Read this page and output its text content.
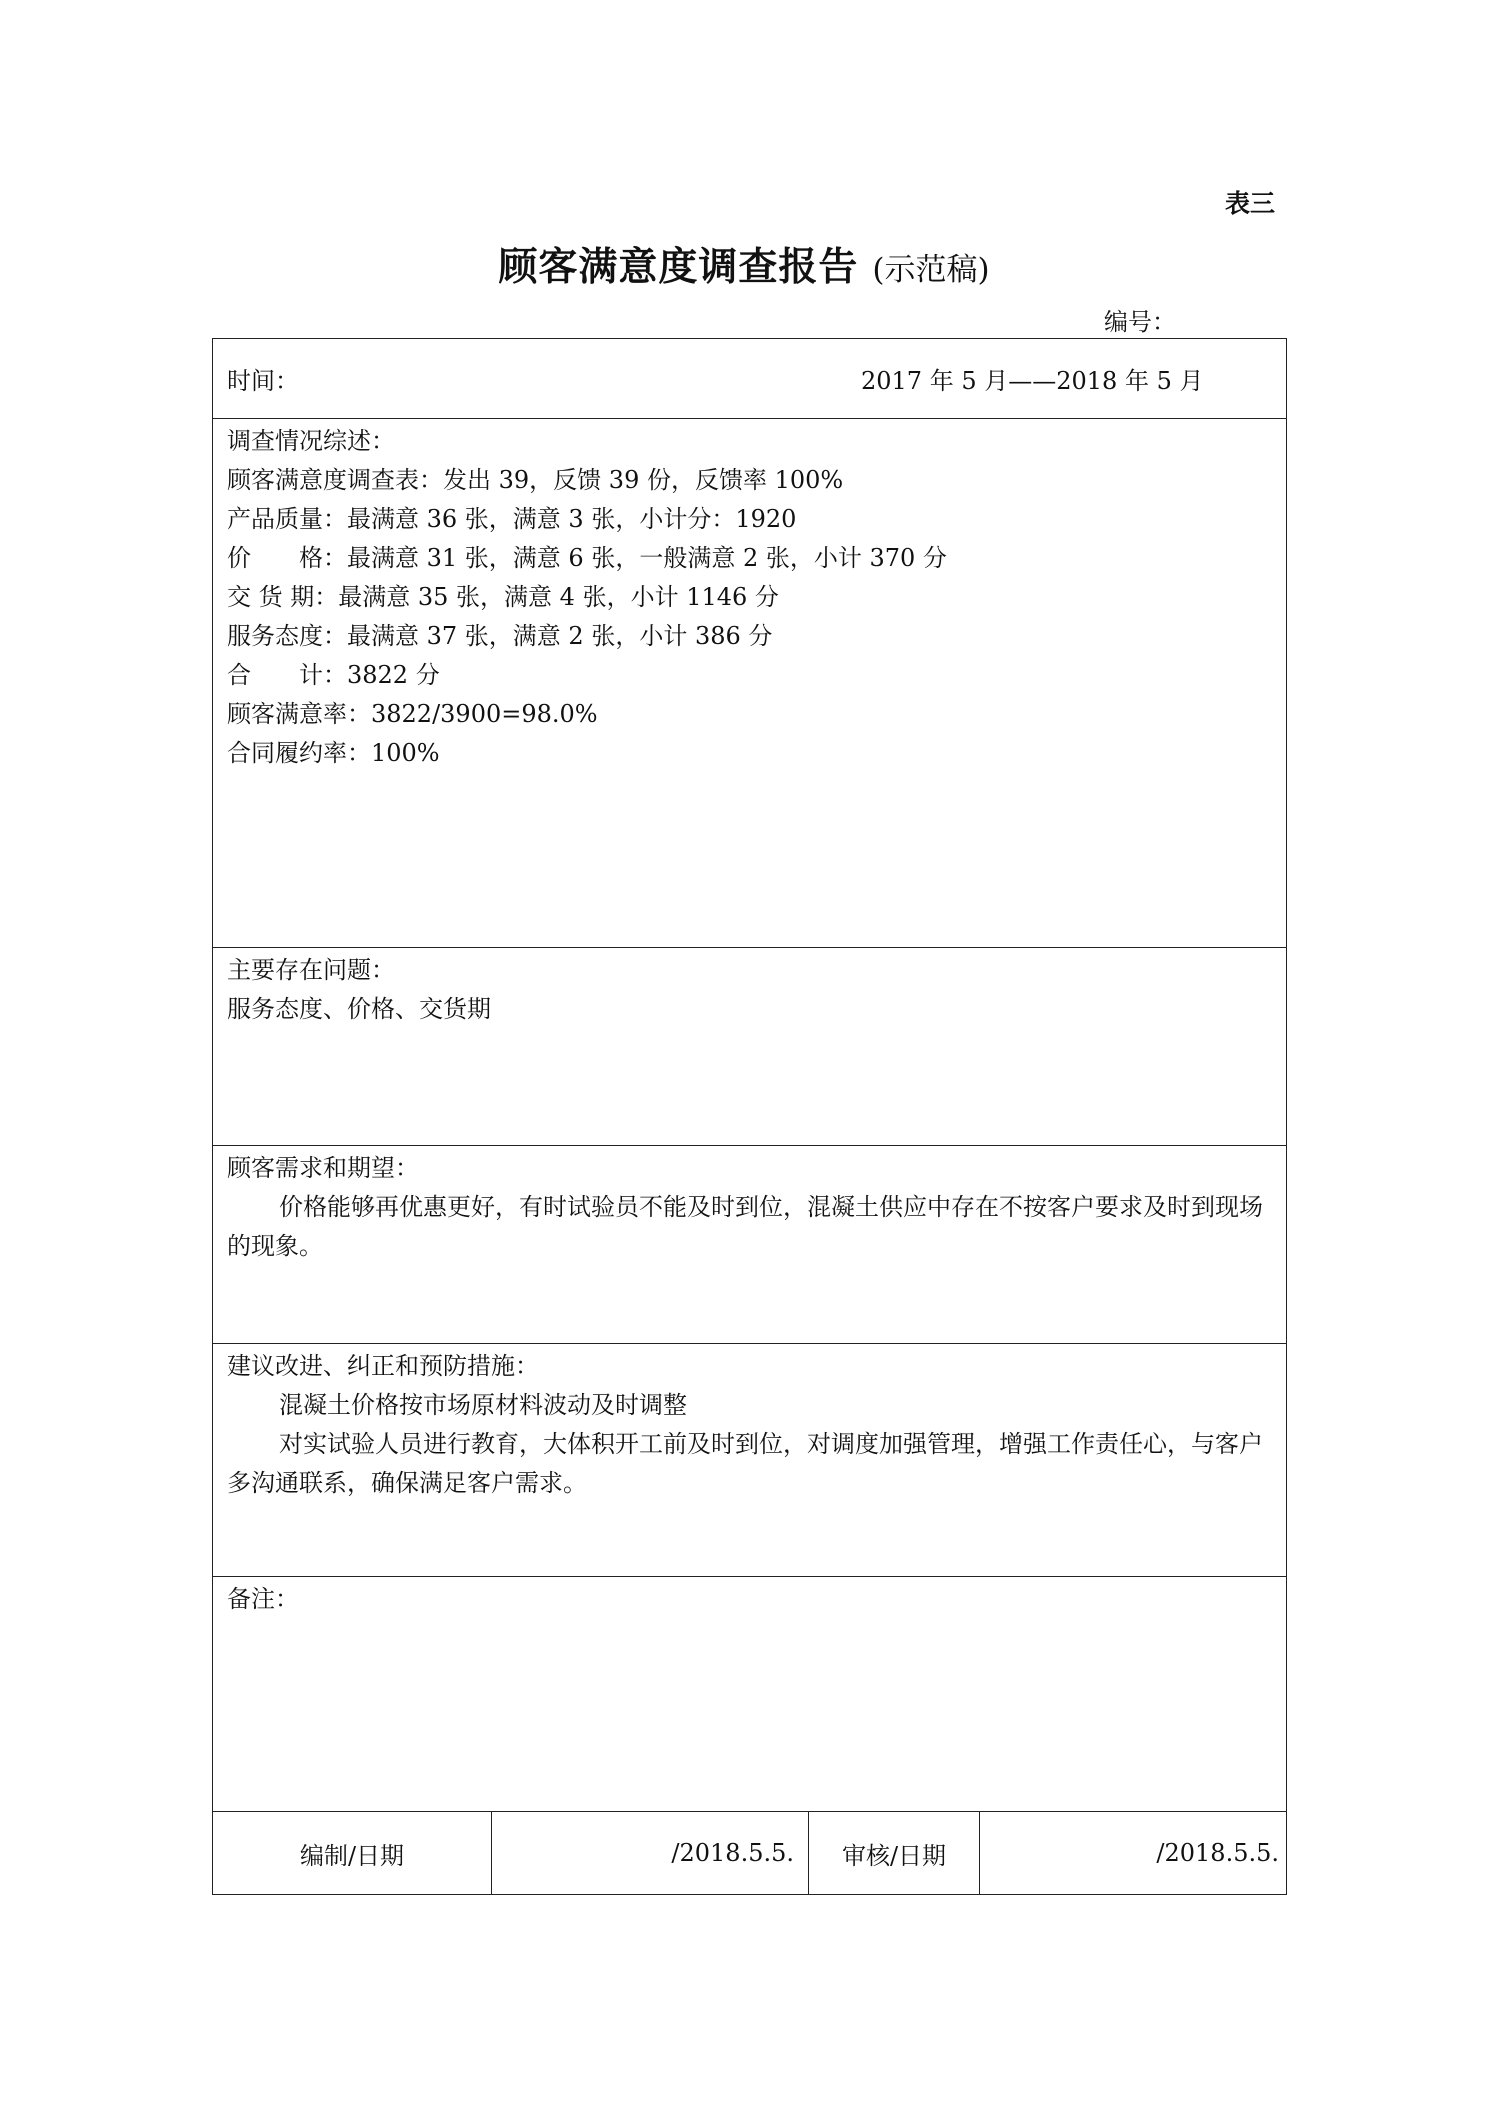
表三
顾客满意度调查报告 (示范稿)
编号：
时间：	2017 年 5 月——2018 年 5 月
调查情况综述：
顾客满意度调查表：发出 39，反馈 39 份，反馈率 100%
产品质量：最满意 36 张，满意 3 张，小计分：1920
价　　格：最满意 31 张，满意 6 张，一般满意 2 张，小计 370 分
交 货 期：最满意 35 张，满意 4 张，小计 1146 分
服务态度：最满意 37 张，满意 2 张，小计 386 分
合　　计：3822 分
顾客满意率：3822/3900=98.0%
合同履约率：100%
主要存在问题：
服务态度、价格、交货期
顾客需求和期望：
价格能够再优惠更好，有时试验员不能及时到位，混凝土供应中存在不按客户要求及时到现场的现象。
建议改进、纠正和预防措施：
混凝土价格按市场原材料波动及时调整
对实试验人员进行教育，大体积开工前及时到位，对调度加强管理，增强工作责任心，与客户多沟通联系，确保满足客户需求。
备注：
编制/日期	/2018.5.5.	审核/日期	/2018.5.5.
